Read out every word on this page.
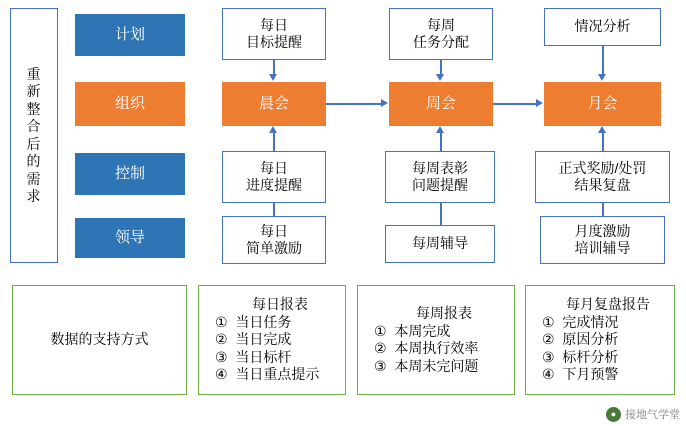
重
新
整
合
后
的
需
求
计划
组织
控制
领导
每日
目标提醒
每周
任务分配
情况分析
晨会	周会	月会
每日
进度提醒
每周表彰
问题提醒
正式奖励/处罚
结果复盘
每日
简单激励	每周辅导
月度激励
培训辅导
数据的支持方式
每日报表
①  当日任务
②  当日完成
③  当日标杆
④  当日重点提示
每周报表
①  本周完成
②  本周执行效率
③  本周未完问题
每月复盘报告
①  完成情况
②  原因分析
③  标杆分析
④  下月预警
● 接地气学堂
